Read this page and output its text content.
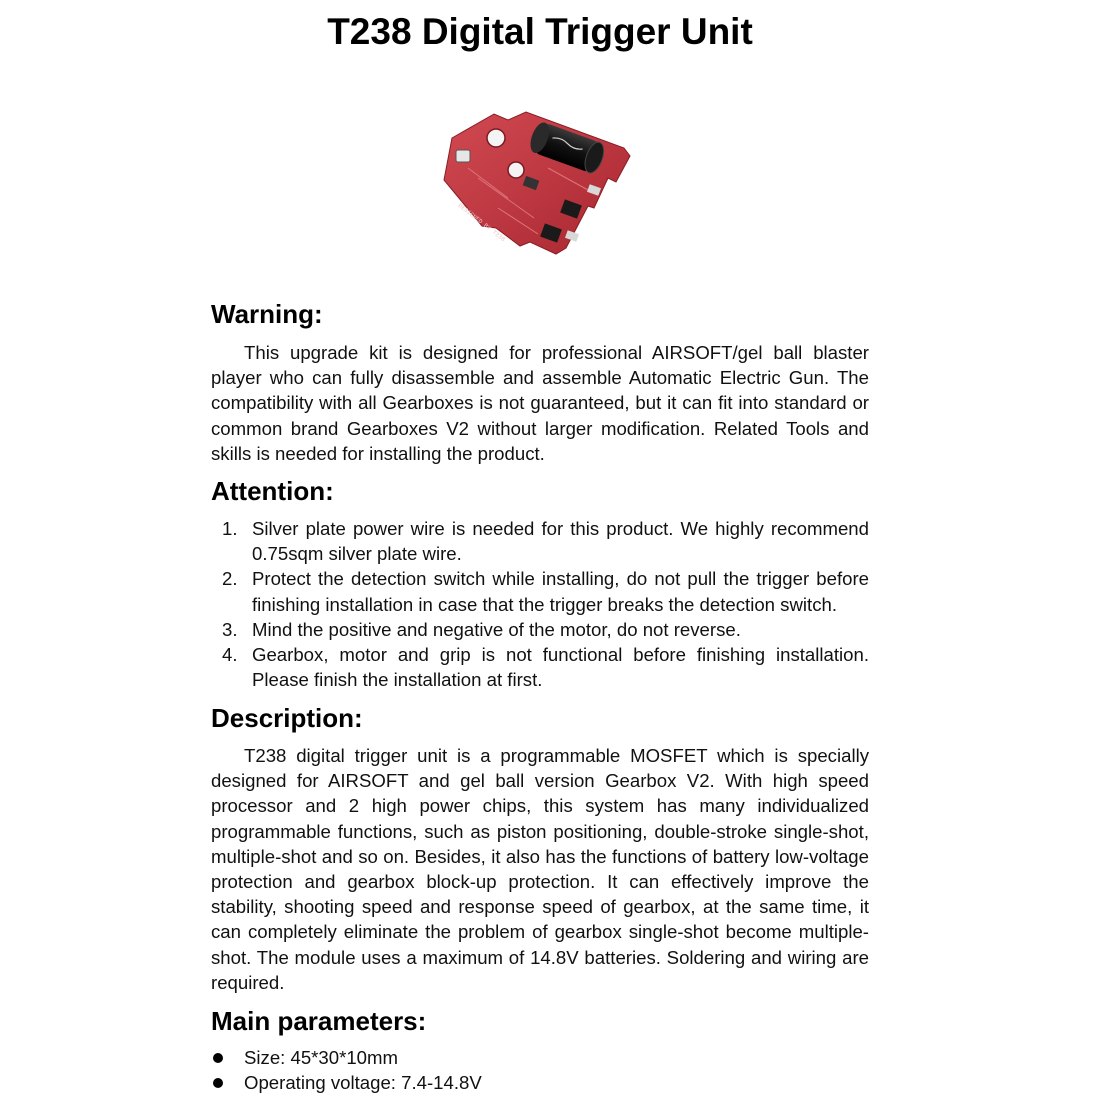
T238 Digital Trigger Unit
DESIGNED BY T238
Warning:

This upgrade kit is designed for professional AIRSOFT/gel ball blaster player who can fully disassemble and assemble Automatic Electric Gun. The compatibility with all Gearboxes is not guaranteed, but it can fit into standard or common brand Gearboxes V2 without larger modification. Related Tools and skills is needed for installing the product.

Attention:
1. Silver plate power wire is needed for this product. We highly recommend 0.75sqm silver plate wire.
2. Protect the detection switch while installing, do not pull the trigger before finishing installation in case that the trigger breaks the detection switch.
3. Mind the positive and negative of the motor, do not reverse.
4. Gearbox, motor and grip is not functional before finishing installation. Please finish the installation at first.
Description:

T238 digital trigger unit is a programmable MOSFET which is specially designed for AIRSOFT and gel ball version Gearbox V2. With high speed processor and 2 high power chips, this system has many individualized programmable functions, such as piston positioning, double-stroke single-shot, multiple-shot and so on. Besides, it also has the functions of battery low-voltage protection and gearbox block-up protection. It can effectively improve the stability, shooting speed and response speed of gearbox, at the same time, it can completely eliminate the problem of gearbox single-shot become multiple-shot. The module uses a maximum of 14.8V batteries. Soldering and wiring are required.

Main parameters:
Size: 45*30*10mm
Operating voltage: 7.4-14.8V
